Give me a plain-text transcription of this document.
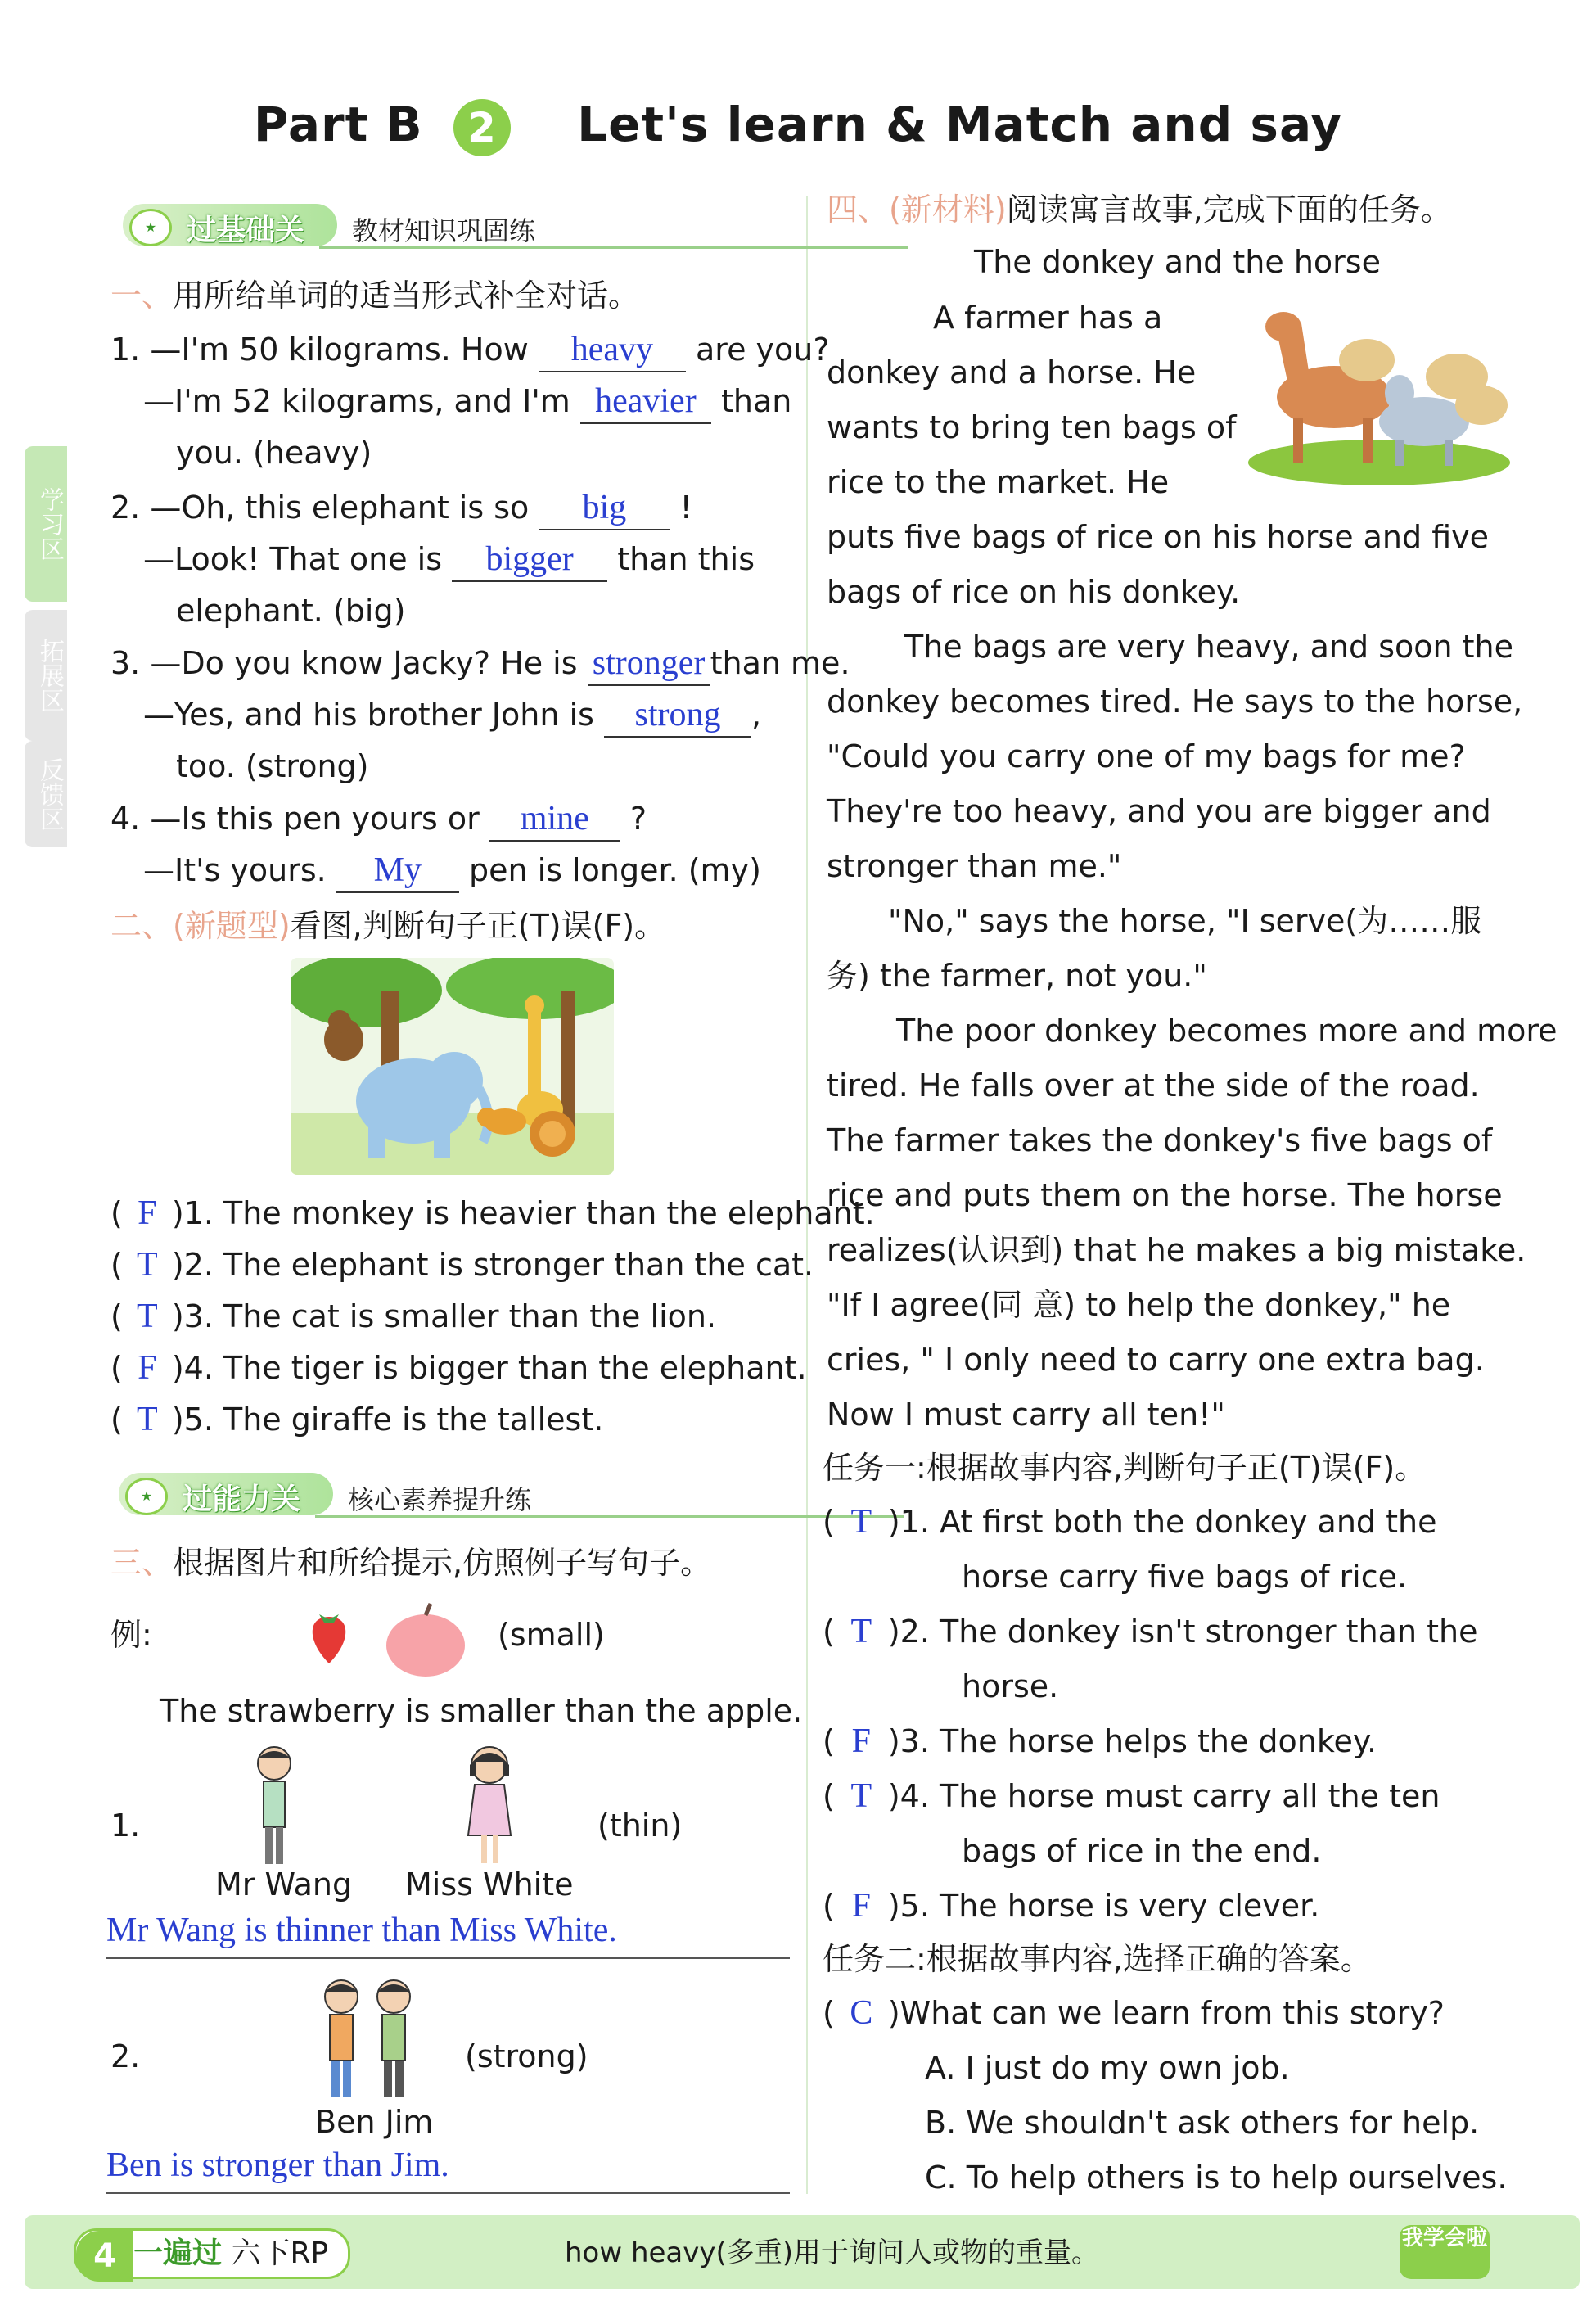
Part B 2 Let's learn & Match and say
学习区
拓展区
反馈区
★	过基础关 教材知识巩固练
一、用所给单词的适当形式补全对话。
1. —I'm 50 kilograms. How heavy are you?
—I'm 52 kilograms, and I'm heavier than
you. (heavy)
2. —Oh, this elephant is so big !
—Look! That one is bigger than this
elephant. (big)
3. —Do you know Jacky? He is stronger than me.
—Yes, and his brother John is strong ,
too. (strong)
4. —Is this pen yours or mine ?
—It's yours. My pen is longer. (my)
二、(新题型)看图,判断句子正(T)误(F)。
( F )1. The monkey is heavier than the elephant.
( T )2. The elephant is stronger than the cat.
( T )3. The cat is smaller than the lion.
( F )4. The tiger is bigger than the elephant.
( T )5. The giraffe is the tallest.
★	过能力关 核心素养提升练
三、根据图片和所给提示,仿照例子写句子。
例:	(small)
The strawberry is smaller than the apple.
1.	(thin)
Mr Wang Miss White
Mr Wang is thinner than Miss White.
2.	(strong)
Ben Jim
Ben is stronger than Jim.
四、(新材料)阅读寓言故事,完成下面的任务。
The donkey and the horse
A farmer has a
donkey and a horse. He
wants to bring ten bags of
rice to the market. He
puts five bags of rice on his horse and five
bags of rice on his donkey.
The bags are very heavy, and soon the
donkey becomes tired. He says to the horse,
"Could you carry one of my bags for me?
They're too heavy, and you are bigger and
stronger than me."
"No," says the horse, "I serve(为……服
务) the farmer, not you."
The poor donkey becomes more and more
tired. He falls over at the side of the road.
The farmer takes the donkey's five bags of
rice and puts them on the horse. The horse
realizes(认识到) that he makes a big mistake.
"If I agree(同 意) to help the donkey," he
cries, " I only need to carry one extra bag.
Now I must carry all ten!"
任务一:根据故事内容,判断句子正(T)误(F)。
( T )1. At first both the donkey and the
horse carry five bags of rice.
( T )2. The donkey isn't stronger than the
horse.
( F )3. The horse helps the donkey.
( T )4. The horse must carry all the ten
bags of rice in the end.
( F )5. The horse is very clever.
任务二:根据故事内容,选择正确的答案。
( C )What can we learn from this story?
A. I just do my own job.
B. We shouldn't ask others for help.
C. To help others is to help ourselves.
4 一遍过 六下RP	how heavy(多重)用于询问人或物的重量。	我学会啦
